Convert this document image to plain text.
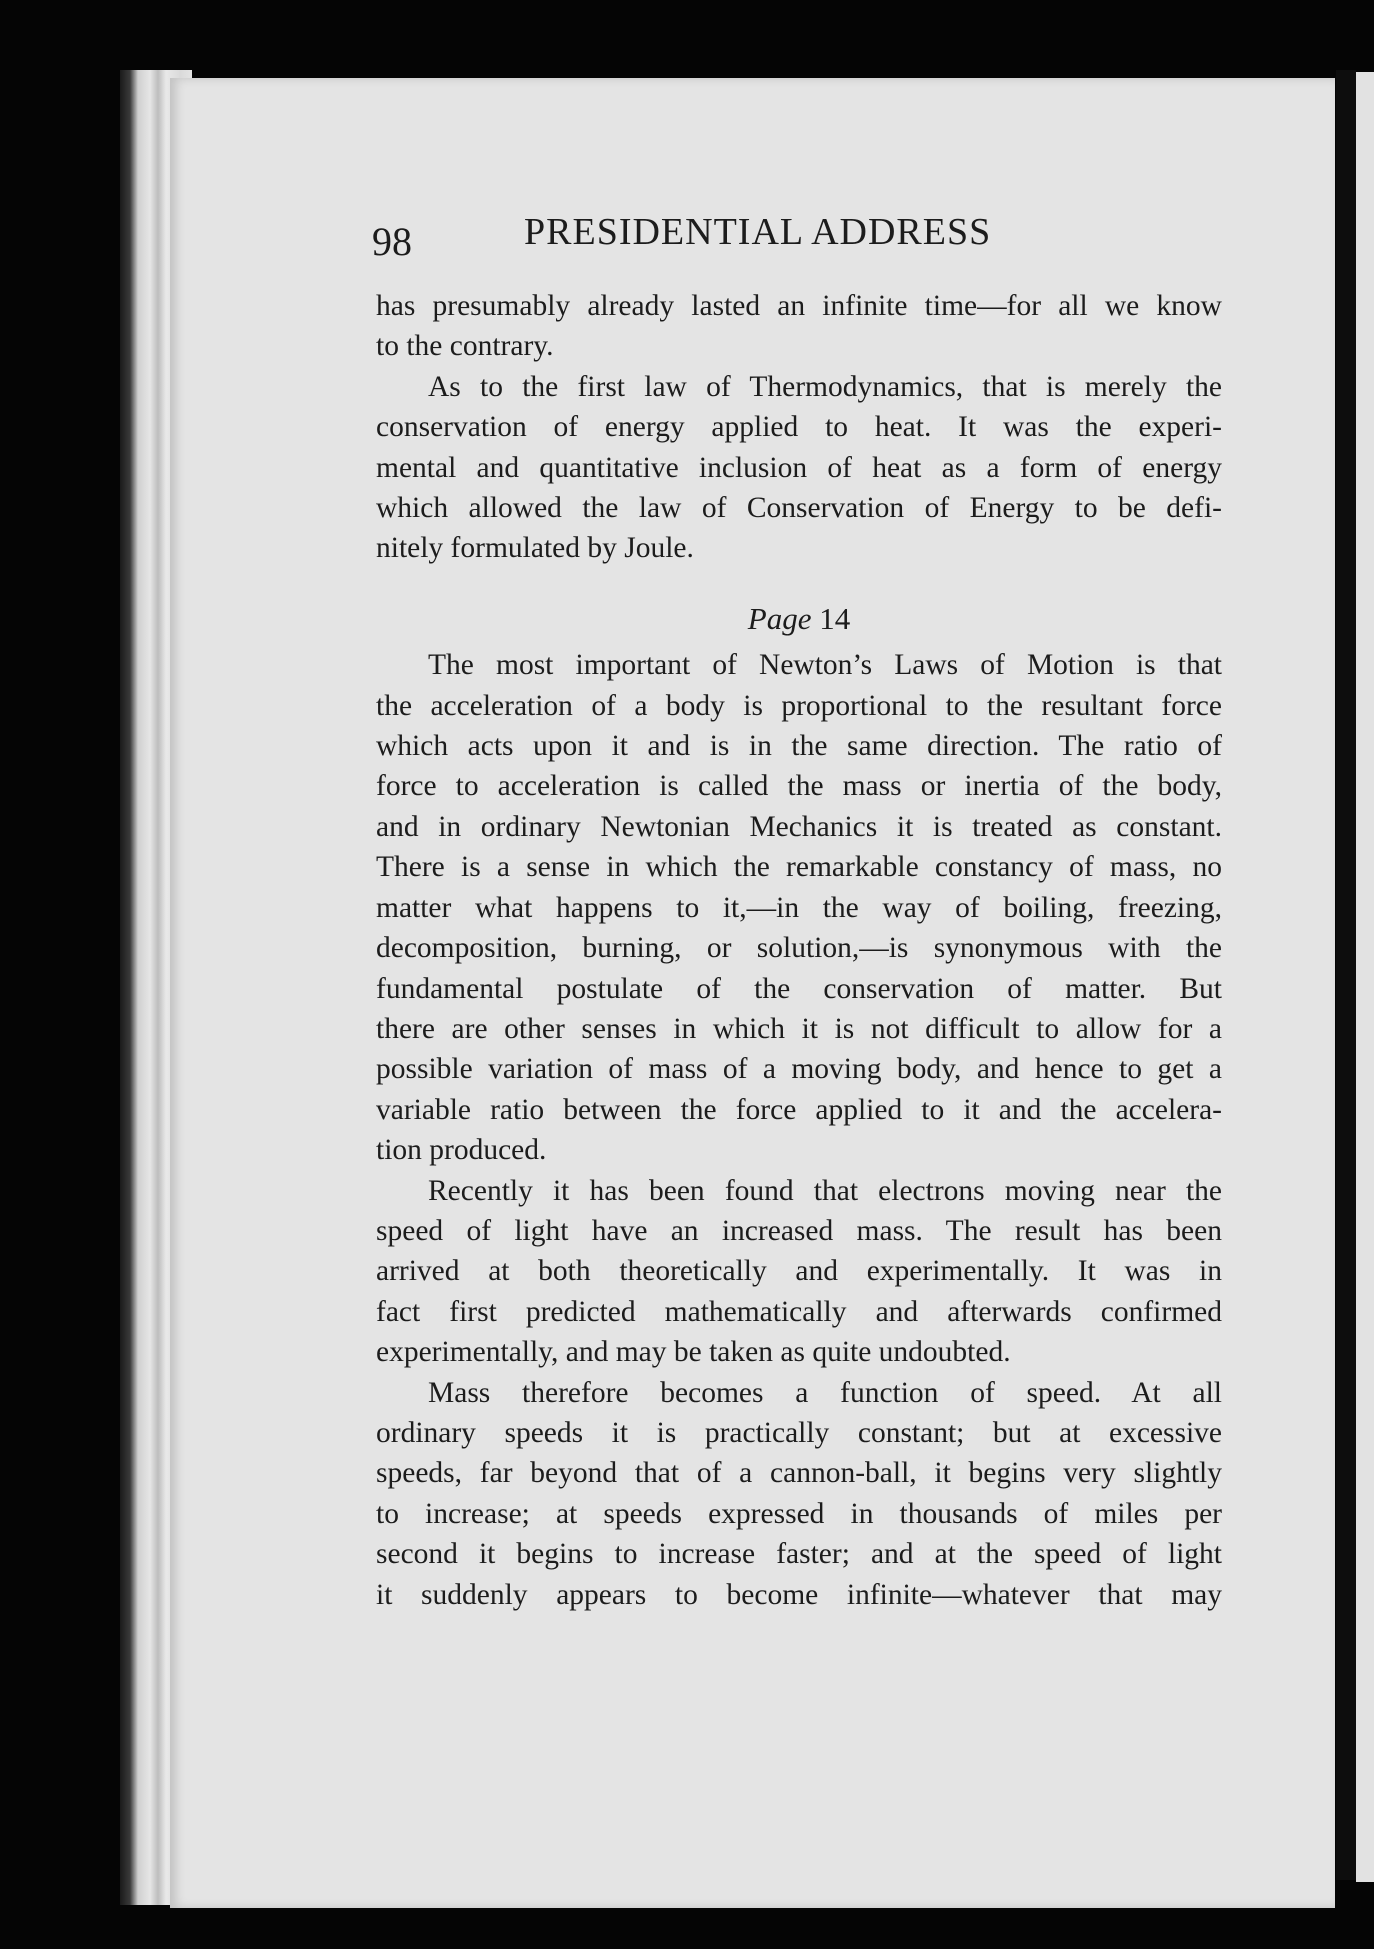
98	PRESIDENTIAL ADDRESS
has presumably already lasted an infinite time—for all we know
to the contrary.
As to the first law of Thermodynamics, that is merely the
conservation of energy applied to heat. It was the experi-
mental and quantitative inclusion of heat as a form of energy
which allowed the law of Conservation of Energy to be defi-
nitely formulated by Joule.
Page 14
The most important of Newton’s Laws of Motion is that
the acceleration of a body is proportional to the resultant force
which acts upon it and is in the same direction. The ratio of
force to acceleration is called the mass or inertia of the body,
and in ordinary Newtonian Mechanics it is treated as constant.
There is a sense in which the remarkable constancy of mass, no
matter what happens to it,—in the way of boiling, freezing,
decomposition, burning, or solution,—is synonymous with the
fundamental postulate of the conservation of matter. But
there are other senses in which it is not difficult to allow for a
possible variation of mass of a moving body, and hence to get a
variable ratio between the force applied to it and the accelera-
tion produced.
Recently it has been found that electrons moving near the
speed of light have an increased mass. The result has been
arrived at both theoretically and experimentally. It was in
fact first predicted mathematically and afterwards confirmed
experimentally, and may be taken as quite undoubted.
Mass therefore becomes a function of speed. At all
ordinary speeds it is practically constant; but at excessive
speeds, far beyond that of a cannon-ball, it begins very slightly
to increase; at speeds expressed in thousands of miles per
second it begins to increase faster; and at the speed of light
it suddenly appears to become infinite—whatever that may
